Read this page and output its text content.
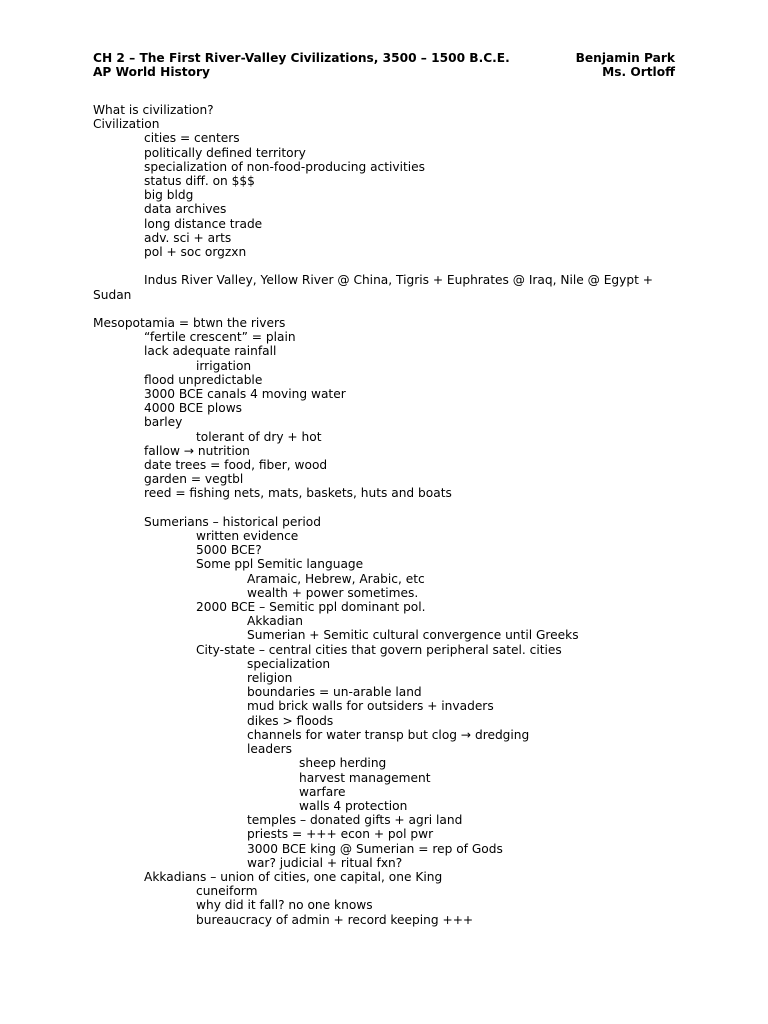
CH 2 – The First River-Valley Civilizations, 3500 – 1500 B.C.E.	Benjamin Park
AP World History	Ms. Ortloff
What is civilization?
Civilization
cities = centers
politically defined territory
specialization of non-food-producing activities
status diff. on $$$
big bldg
data archives
long distance trade
adv. sci + arts
pol + soc orgzxn
Indus River Valley, Yellow River @ China, Tigris + Euphrates @ Iraq, Nile @ Egypt + Sudan
Mesopotamia = btwn the rivers
“fertile crescent” = plain
lack adequate rainfall
irrigation
flood unpredictable
3000 BCE canals 4 moving water
4000 BCE plows
barley
tolerant of dry + hot
fallow → nutrition
date trees = food, fiber, wood
garden = vegtbl
reed = fishing nets, mats, baskets, huts and boats
Sumerians – historical period
written evidence
5000 BCE?
Some ppl Semitic language
Aramaic, Hebrew, Arabic, etc
wealth + power sometimes.
2000 BCE – Semitic ppl dominant pol.
Akkadian
Sumerian + Semitic cultural convergence until Greeks
City-state – central cities that govern peripheral satel. cities
specialization
religion
boundaries = un-arable land
mud brick walls for outsiders + invaders
dikes > floods
channels for water transp but clog → dredging
leaders
sheep herding
harvest management
warfare
walls 4 protection
temples – donated gifts + agri land
priests = +++ econ + pol pwr
3000 BCE king @ Sumerian = rep of Gods
war? judicial + ritual fxn?
Akkadians – union of cities, one capital, one King
cuneiform
why did it fall? no one knows
bureaucracy of admin + record keeping +++
